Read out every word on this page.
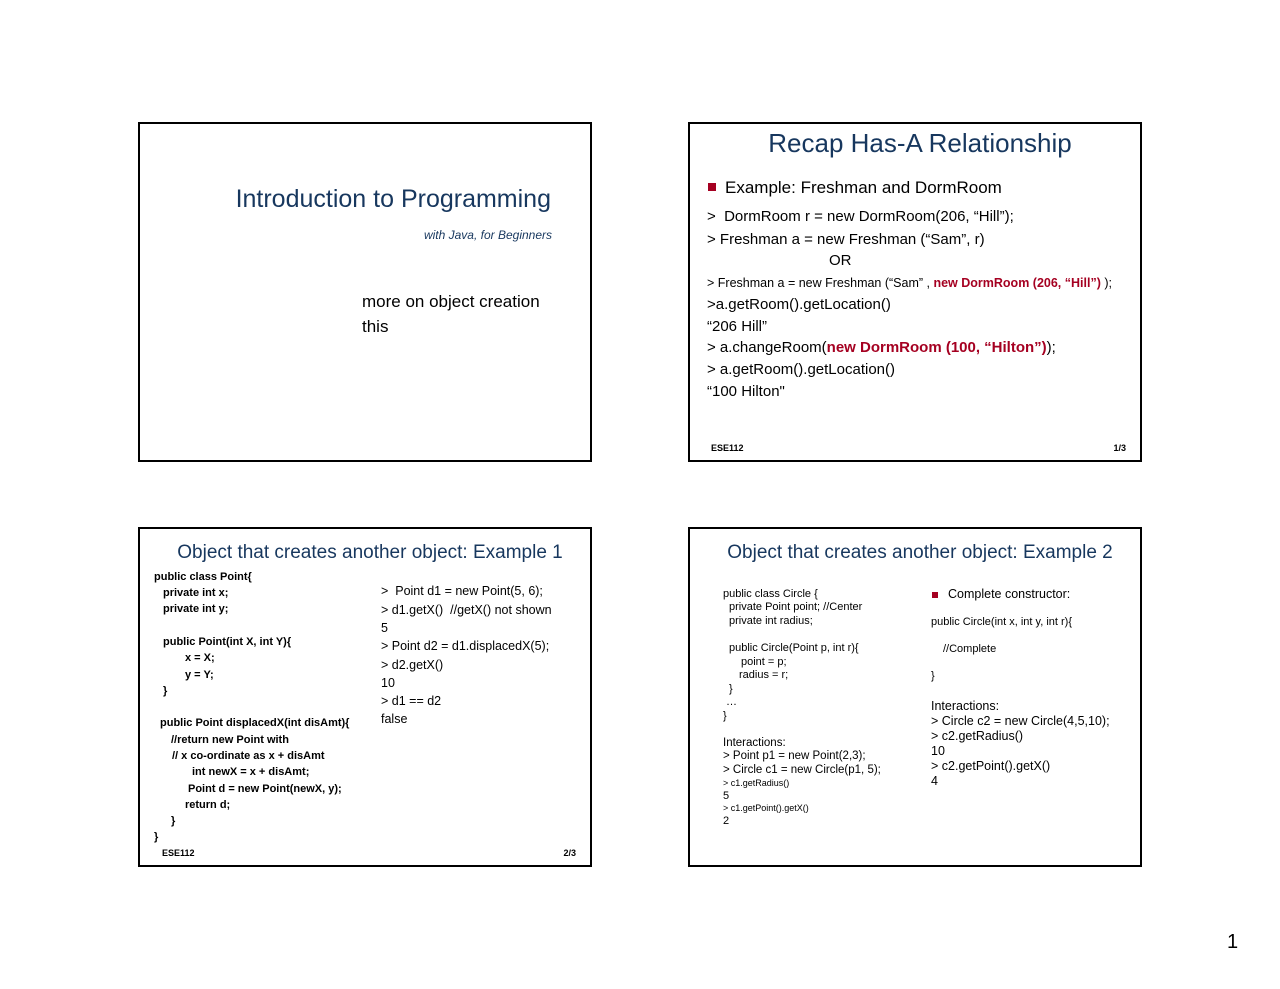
Introduction to Programming
with Java, for Beginners
more on object creation
this
Recap Has-A Relationship
Example: Freshman and DormRoom
>  DormRoom r = new DormRoom(206, “Hill”);
> Freshman a = new Freshman (“Sam”, r)
OR
> Freshman a = new Freshman (“Sam” , new DormRoom (206, “Hill”) );
>a.getRoom().getLocation()
“206 Hill”
> a.changeRoom(new DormRoom (100, “Hilton”));
> a.getRoom().getLocation()
“100 Hilton"
ESE112	1/3
Object that creates another object: Example 1
public class Point{
private int x;
private int y;
public Point(int X, int Y){
x = X;
y = Y;
}
public Point displacedX(int disAmt){
//return new Point with
// x co-ordinate as x + disAmt
int newX = x + disAmt;
Point d = new Point(newX, y);
return d;
}
}
>  Point d1 = new Point(5, 6);
> d1.getX()  //getX() not shown
5
> Point d2 = d1.displacedX(5);
> d2.getX()
10
> d1 == d2
false
ESE112	2/3
Object that creates another object: Example 2
public class Circle {
private Point point; //Center
private int radius;
public Circle(Point p, int r){
point = p;
radius = r;
}
…
}
Interactions:
> Point p1 = new Point(2,3);
> Circle c1 = new Circle(p1, 5);
> c1.getRadius()
5
> c1.getPoint().getX()
2
Complete constructor:
public Circle(int x, int y, int r){
//Complete
}
Interactions:
> Circle c2 = new Circle(4,5,10);
> c2.getRadius()
10
> c2.getPoint().getX()
4
1
